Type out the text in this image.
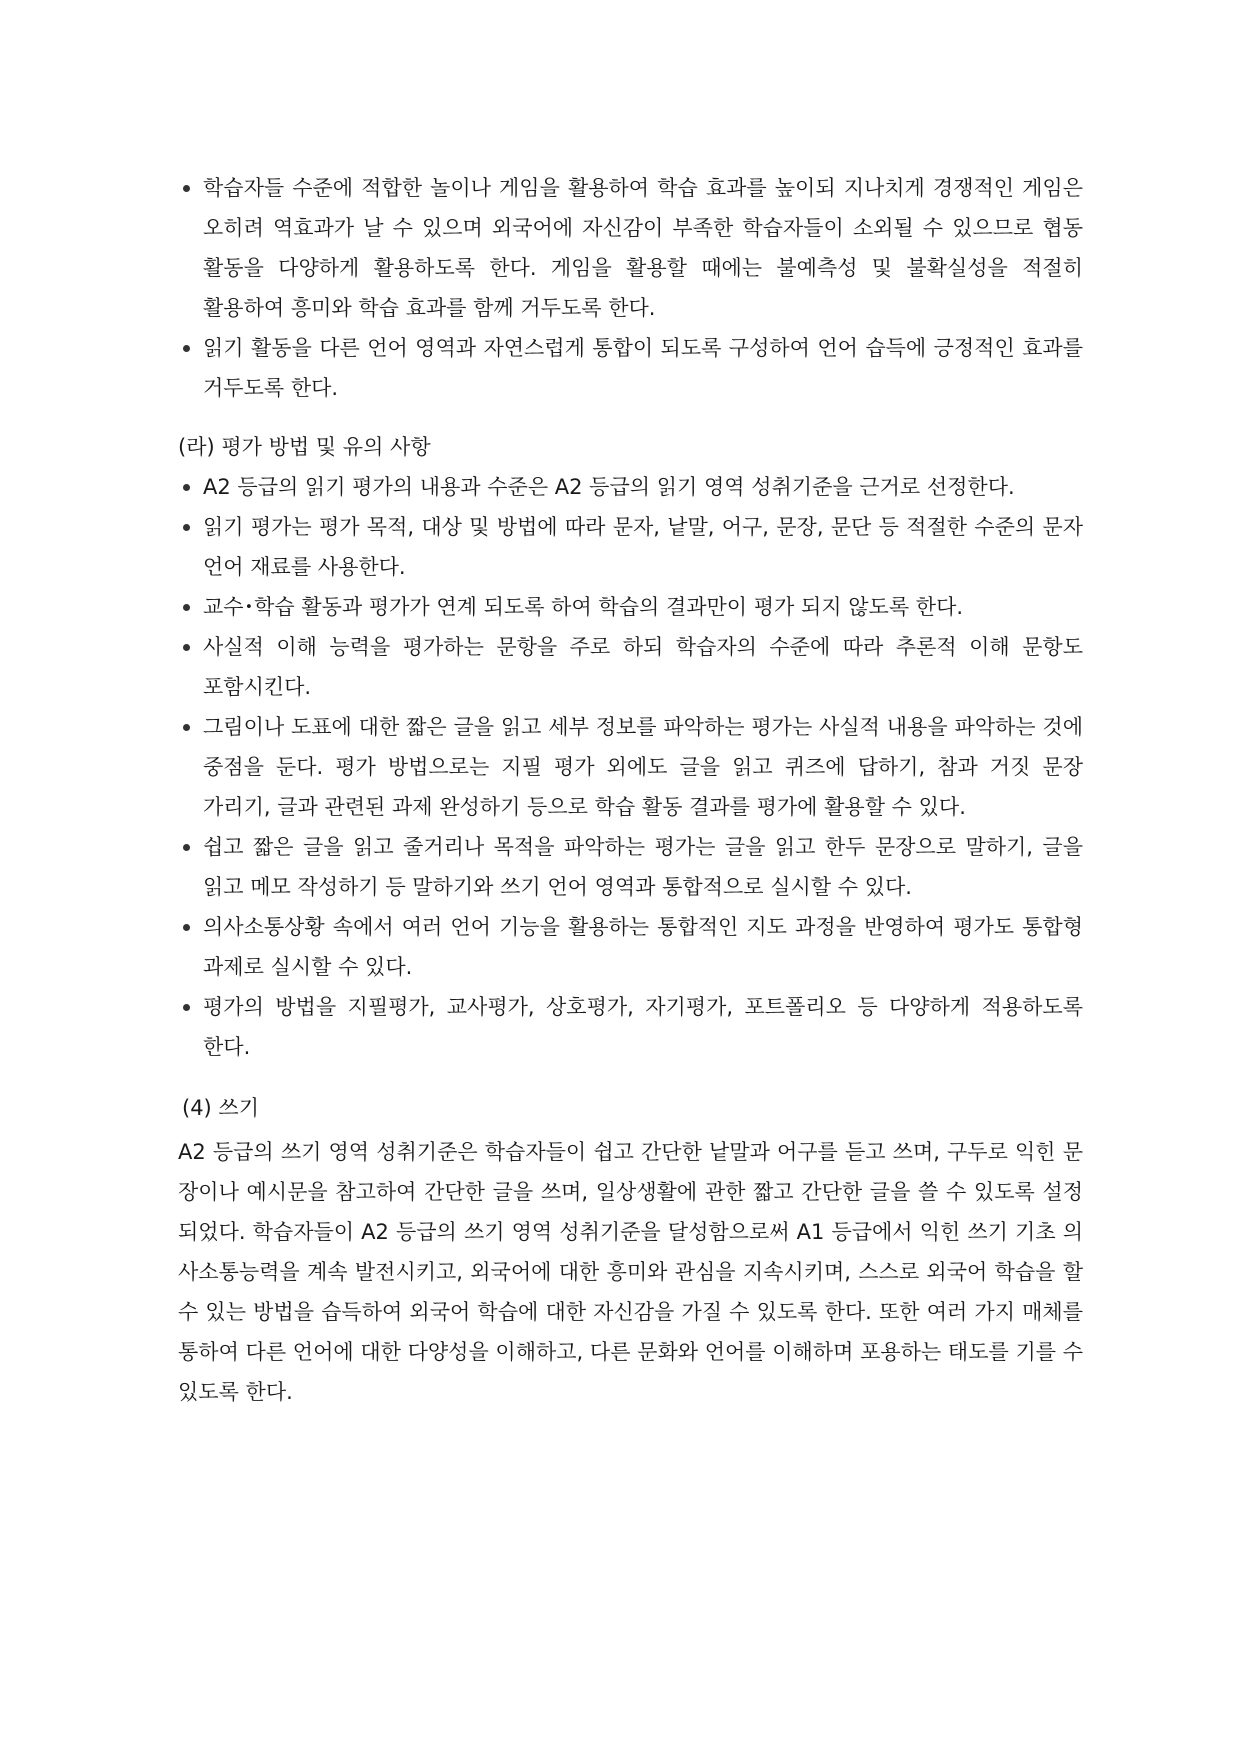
학습자들 수준에 적합한 놀이나 게임을 활용하여 학습 효과를 높이되 지나치게 경쟁적인 게임은 오히려 역효과가 날 수 있으며 외국어에 자신감이 부족한 학습자들이 소외될 수 있으므로 협동 활동을 다양하게 활용하도록 한다. 게임을 활용할 때에는 불예측성 및 불확실성을 적절히 활용하여 흥미와 학습 효과를 함께 거두도록 한다.
읽기 활동을 다른 언어 영역과 자연스럽게 통합이 되도록 구성하여 언어 습득에 긍정적인 효과를 거두도록 한다.

(라) 평가 방법 및 유의 사항

A2 등급의 읽기 평가의 내용과 수준은 A2 등급의 읽기 영역 성취기준을 근거로 선정한다.
읽기 평가는 평가 목적, 대상 및 방법에 따라 문자, 낱말, 어구, 문장, 문단 등 적절한 수준의 문자 언어 재료를 사용한다.
교수･학습 활동과 평가가 연계 되도록 하여 학습의 결과만이 평가 되지 않도록 한다.
사실적 이해 능력을 평가하는 문항을 주로 하되 학습자의 수준에 따라 추론적 이해 문항도 포함시킨다.
그림이나 도표에 대한 짧은 글을 읽고 세부 정보를 파악하는 평가는 사실적 내용을 파악하는 것에 중점을 둔다. 평가 방법으로는 지필 평가 외에도 글을 읽고 퀴즈에 답하기, 참과 거짓 문장 가리기, 글과 관련된 과제 완성하기 등으로 학습 활동 결과를 평가에 활용할 수 있다.
쉽고 짧은 글을 읽고 줄거리나 목적을 파악하는 평가는 글을 읽고 한두 문장으로 말하기, 글을 읽고 메모 작성하기 등 말하기와 쓰기 언어 영역과 통합적으로 실시할 수 있다.
의사소통상황 속에서 여러 언어 기능을 활용하는 통합적인 지도 과정을 반영하여 평가도 통합형 과제로 실시할 수 있다.
평가의 방법을 지필평가, 교사평가, 상호평가, 자기평가, 포트폴리오 등 다양하게 적용하도록 한다.

(4) 쓰기

A2 등급의 쓰기 영역 성취기준은 학습자들이 쉽고 간단한 낱말과 어구를 듣고 쓰며, 구두로 익힌 문장이나 예시문을 참고하여 간단한 글을 쓰며, 일상생활에 관한 짧고 간단한 글을 쓸 수 있도록 설정되었다. 학습자들이 A2 등급의 쓰기 영역 성취기준을 달성함으로써 A1 등급에서 익힌 쓰기 기초 의사소통능력을 계속 발전시키고, 외국어에 대한 흥미와 관심을 지속시키며, 스스로 외국어 학습을 할 수 있는 방법을 습득하여 외국어 학습에 대한 자신감을 가질 수 있도록 한다. 또한 여러 가지 매체를 통하여 다른 언어에 대한 다양성을 이해하고, 다른 문화와 언어를 이해하며 포용하는 태도를 기를 수 있도록 한다.
